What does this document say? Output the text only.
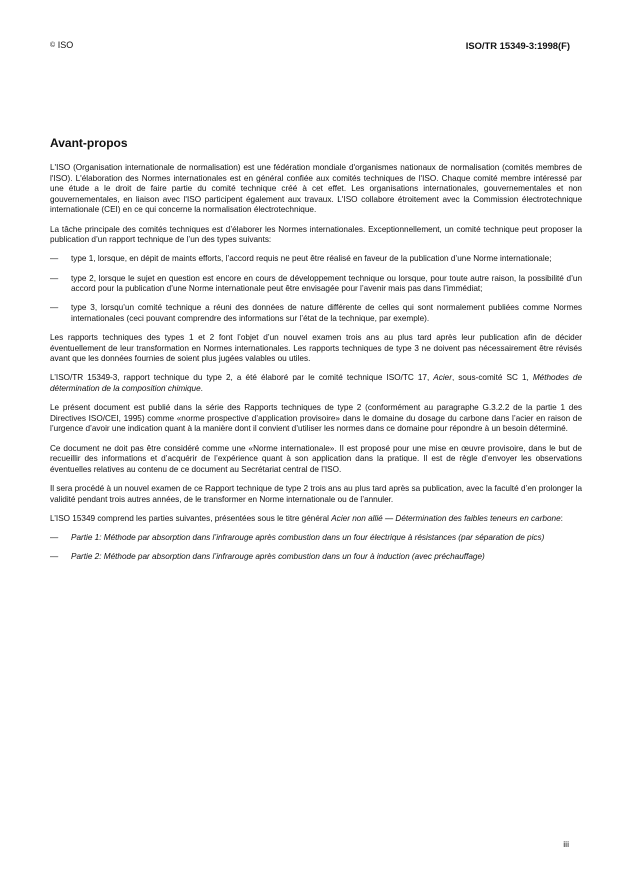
© ISO	ISO/TR 15349-3:1998(F)
Avant-propos

L'ISO (Organisation internationale de normalisation) est une fédération mondiale d'organismes nationaux de normalisation (comités membres de l'ISO). L'élaboration des Normes internationales est en général confiée aux comités techniques de l'ISO. Chaque comité membre intéressé par une étude a le droit de faire partie du comité technique créé à cet effet. Les organisations internationales, gouvernementales et non gouvernementales, en liaison avec l'ISO participent également aux travaux. L'ISO collabore étroitement avec la Commission électrotechnique internationale (CEI) en ce qui concerne la normalisation électrotechnique.

La tâche principale des comités techniques est d’élaborer les Normes internationales. Exceptionnellement, un comité technique peut proposer la publication d’un rapport technique de l’un des types suivants:

— type 1, lorsque, en dépit de maints efforts, l’accord requis ne peut être réalisé en faveur de la publication d’une Norme internationale;
— type 2, lorsque le sujet en question est encore en cours de développement technique ou lorsque, pour toute autre raison, la possibilité d’un accord pour la publication d’une Norme internationale peut être envisagée pour l’avenir mais pas dans l’immédiat;
— type 3, lorsqu’un comité technique a réuni des données de nature différente de celles qui sont normalement publiées comme Normes internationales (ceci pouvant comprendre des informations sur l’état de la technique, par exemple).

Les rapports techniques des types 1 et 2 font l’objet d’un nouvel examen trois ans au plus tard après leur publication afin de décider éventuellement de leur transformation en Normes internationales. Les rapports techniques de type 3 ne doivent pas nécessairement être révisés avant que les données fournies de soient plus jugées valables ou utiles.

L’ISO/TR 15349-3, rapport technique du type 2, a été élaboré par le comité technique ISO/TC 17, Acier, sous-comité SC 1, Méthodes de détermination de la composition chimique.

Le présent document est publié dans la série des Rapports techniques de type 2 (conformément au paragraphe G.3.2.2 de la partie 1 des Directives ISO/CEI, 1995) comme «norme prospective d’application provisoire» dans le domaine du dosage du carbone dans l’acier en raison de l’urgence d’avoir une indication quant à la manière dont il convient d’utiliser les normes dans ce domaine pour répondre à un besoin déterminé.

Ce document ne doit pas être considéré comme une «Norme internationale». Il est proposé pour une mise en œuvre provisoire, dans le but de recueillir des informations et d’acquérir de l’expérience quant à son application dans la pratique. Il est de règle d’envoyer les observations éventuelles relatives au contenu de ce document au Secrétariat central de l’ISO.

Il sera procédé à un nouvel examen de ce Rapport technique de type 2 trois ans au plus tard après sa publication, avec la faculté d’en prolonger la validité pendant trois autres années, de le transformer en Norme internationale ou de l’annuler.

L’ISO 15349 comprend les parties suivantes, présentées sous le titre général Acier non allié — Détermination des faibles teneurs en carbone:

— Partie 1: Méthode par absorption dans l’infrarouge après combustion dans un four électrique à résistances (par séparation de pics)
— Partie 2: Méthode par absorption dans l’infrarouge après combustion dans un four à induction (avec préchauffage)
iii
